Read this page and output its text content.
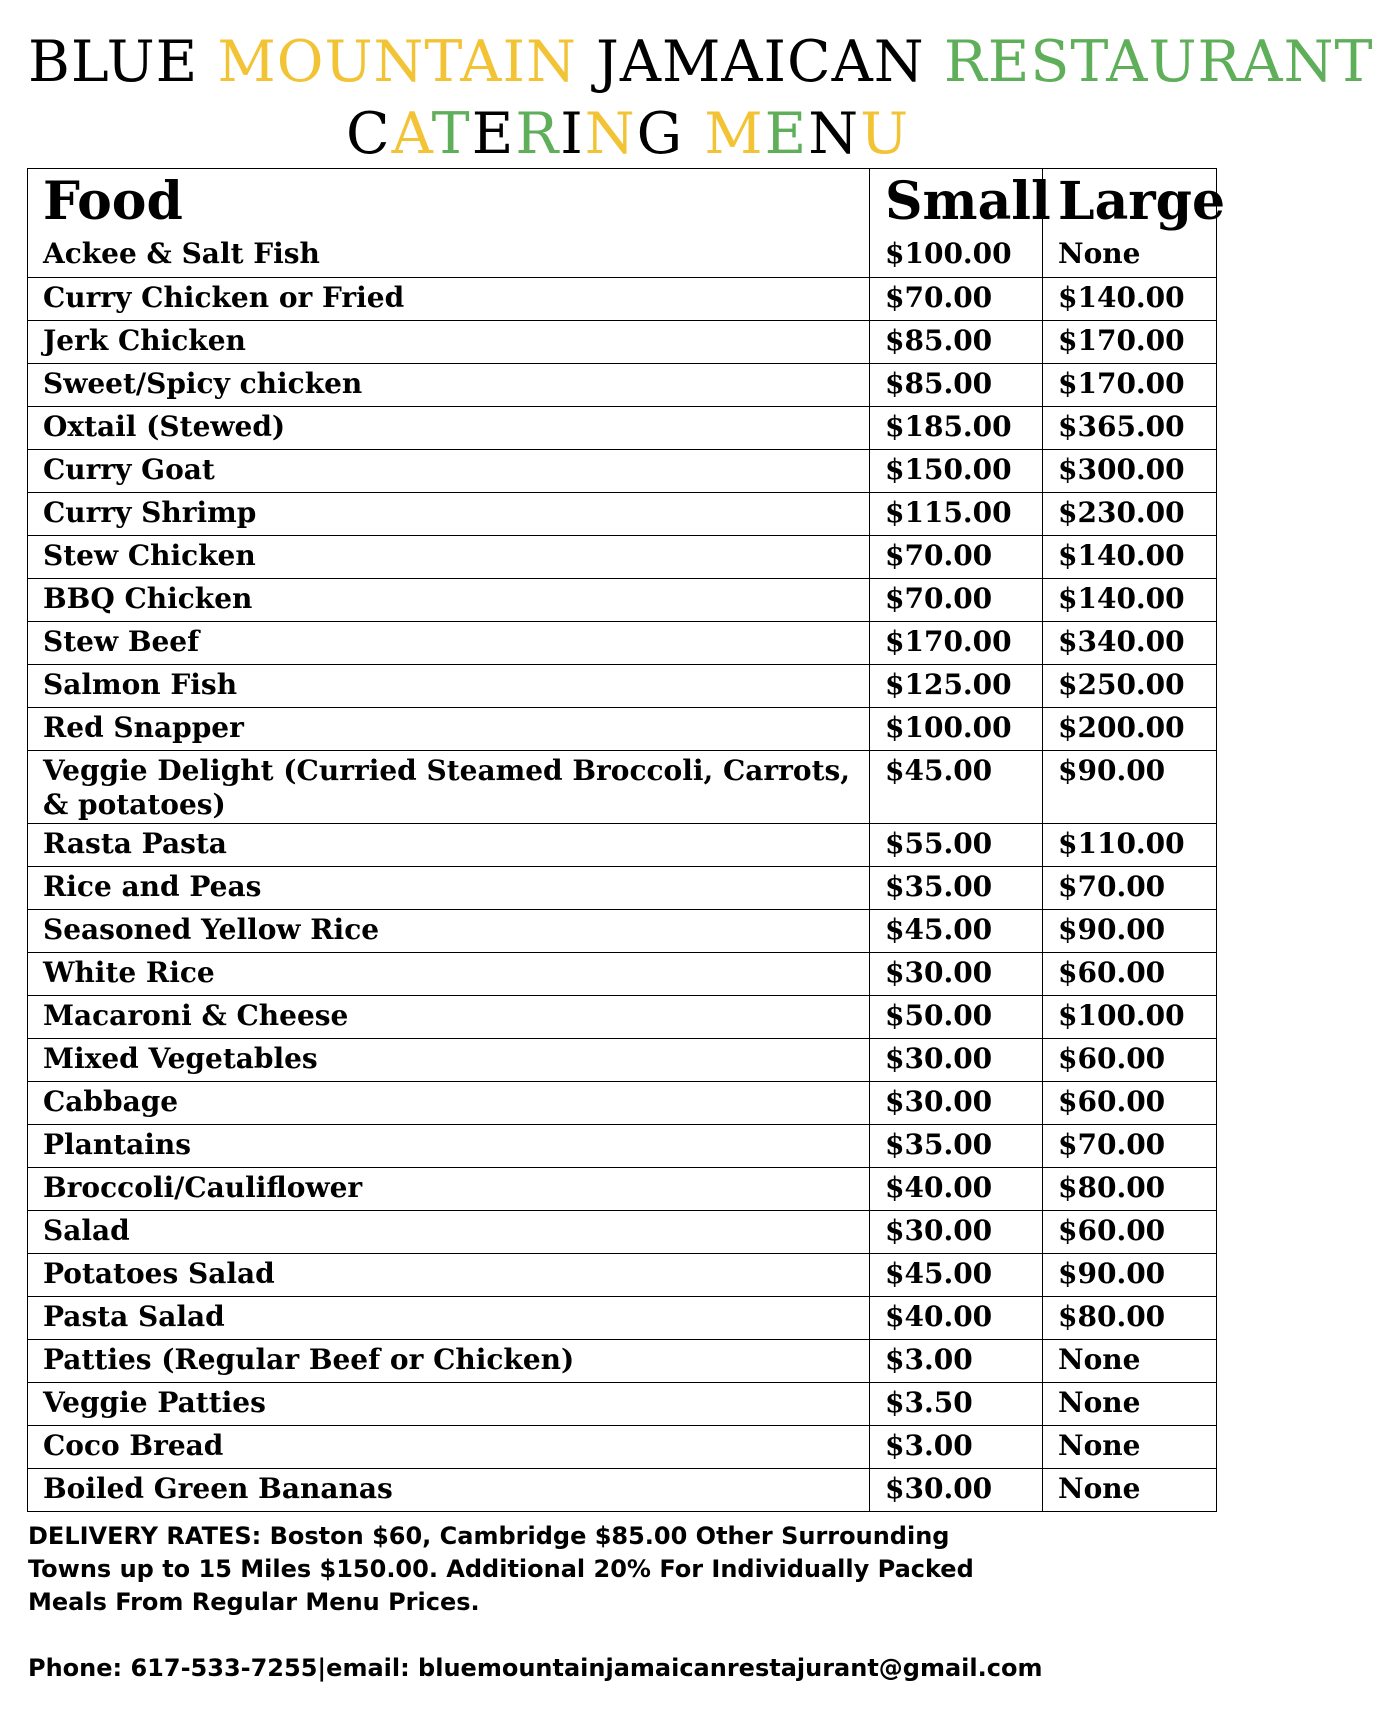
BLUE MOUNTAIN JAMAICAN RESTAURANT
CATERING MENU
Food	Small Large
Ackee & Salt Fish	$100.00	None
Curry Chicken or Fried	$70.00	$140.00
Jerk Chicken	$85.00	$170.00
Sweet/Spicy chicken	$85.00	$170.00
Oxtail (Stewed)	$185.00	$365.00
Curry Goat	$150.00	$300.00
Curry Shrimp	$115.00	$230.00
Stew Chicken	$70.00	$140.00
BBQ Chicken	$70.00	$140.00
Stew Beef	$170.00	$340.00
Salmon Fish	$125.00	$250.00
Red Snapper	$100.00	$200.00
Veggie Delight (Curried Steamed Broccoli, Carrots, & potatoes)
$45.00	$90.00
Rasta Pasta	$55.00	$110.00
Rice and Peas	$35.00	$70.00
Seasoned Yellow Rice	$45.00	$90.00
White Rice	$30.00	$60.00
Macaroni & Cheese	$50.00	$100.00
Mixed Vegetables	$30.00	$60.00
Cabbage	$30.00	$60.00
Plantains	$35.00	$70.00
Broccoli/Cauliflower	$40.00	$80.00
Salad	$30.00	$60.00
Potatoes Salad	$45.00	$90.00
Pasta Salad	$40.00	$80.00
Patties (Regular Beef or Chicken)	$3.00	None
Veggie Patties	$3.50	None
Coco Bread	$3.00	None
Boiled Green Bananas	$30.00	None
DELIVERY RATES: Boston $60, Cambridge $85.00 Other Surrounding
Towns up to 15 Miles $150.00. Additional 20% For Individually Packed
Meals From Regular Menu Prices.
Phone: 617-533-7255|email: bluemountainjamaicanrestajurant@gmail.com
